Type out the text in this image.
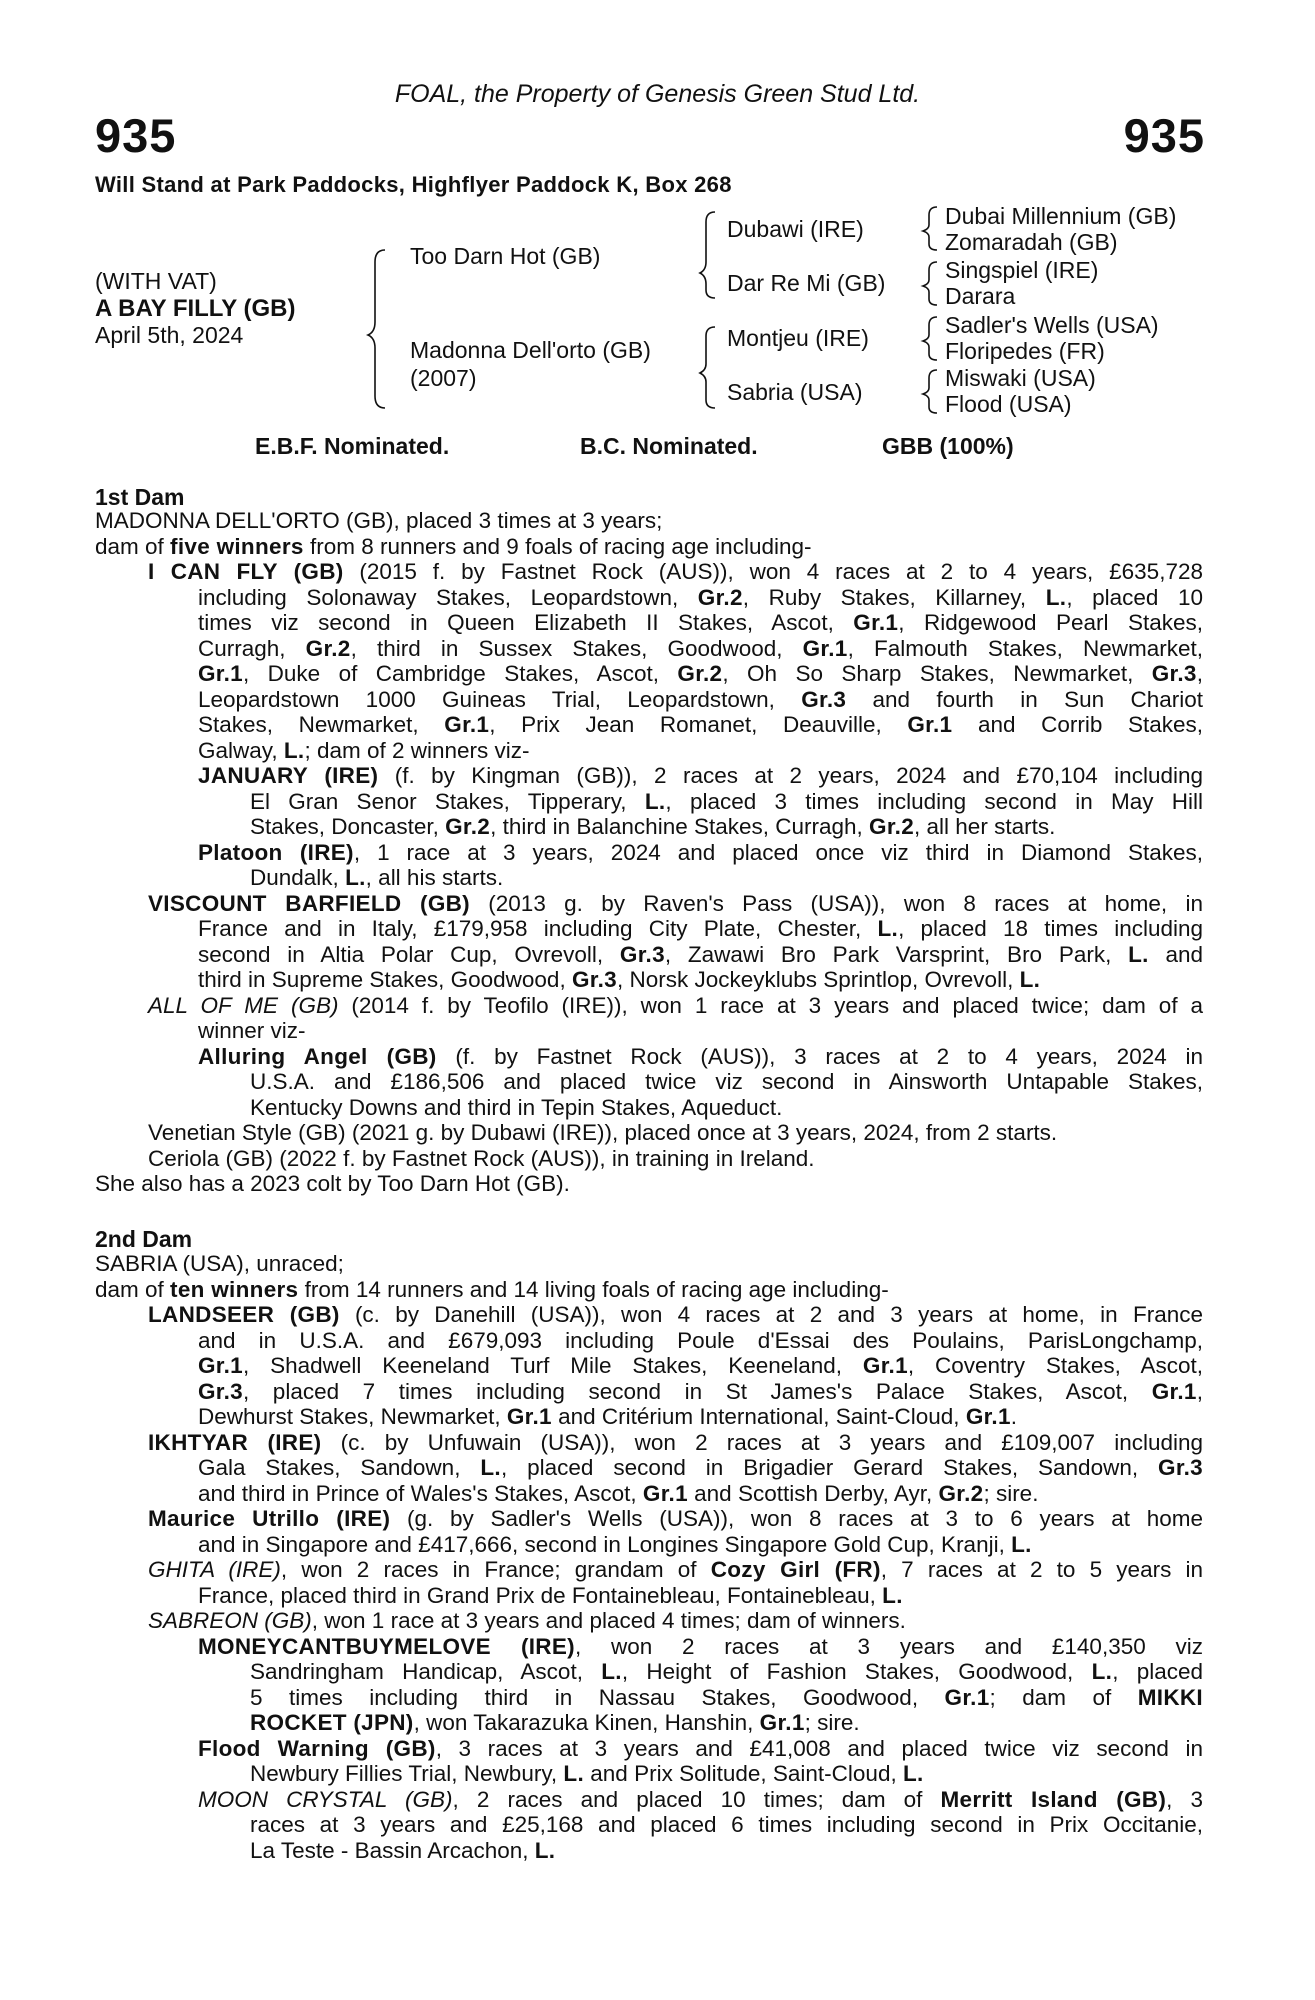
FOAL, the Property of Genesis Green Stud Ltd.
935	935
Will Stand at Park Paddocks, Highflyer Paddock K, Box 268
(WITH VAT)
A BAY FILLY (GB)
April 5th, 2024
Too Darn Hot (GB)
Madonna Dell'orto (GB)
(2007)
Dubawi (IRE)
Dar Re Mi (GB)
Montjeu (IRE)
Sabria (USA)
Dubai Millennium (GB)
Zomaradah (GB)
Singspiel (IRE)
Darara
Sadler's Wells (USA)
Floripedes (FR)
Miswaki (USA)
Flood (USA)
E.B.F. Nominated.	B.C. Nominated.	GBB (100%)
1st Dam
MADONNA DELL'ORTO (GB), placed 3 times at 3 years;
dam of five winners from 8 runners and 9 foals of racing age including-
I CAN FLY (GB) (2015 f. by Fastnet Rock (AUS)), won 4 races at 2 to 4 years, £635,728
including Solonaway Stakes, Leopardstown, Gr.2, Ruby Stakes, Killarney, L., placed 10
times viz second in Queen Elizabeth II Stakes, Ascot, Gr.1, Ridgewood Pearl Stakes,
Curragh, Gr.2, third in Sussex Stakes, Goodwood, Gr.1, Falmouth Stakes, Newmarket,
Gr.1, Duke of Cambridge Stakes, Ascot, Gr.2, Oh So Sharp Stakes, Newmarket, Gr.3,
Leopardstown 1000 Guineas Trial, Leopardstown, Gr.3 and fourth in Sun Chariot
Stakes, Newmarket, Gr.1, Prix Jean Romanet, Deauville, Gr.1 and Corrib Stakes,
Galway, L.; dam of 2 winners viz-
JANUARY (IRE) (f. by Kingman (GB)), 2 races at 2 years, 2024 and £70,104 including
El Gran Senor Stakes, Tipperary, L., placed 3 times including second in May Hill
Stakes, Doncaster, Gr.2, third in Balanchine Stakes, Curragh, Gr.2, all her starts.
Platoon (IRE), 1 race at 3 years, 2024 and placed once viz third in Diamond Stakes,
Dundalk, L., all his starts.
VISCOUNT BARFIELD (GB) (2013 g. by Raven's Pass (USA)), won 8 races at home, in
France and in Italy, £179,958 including City Plate, Chester, L., placed 18 times including
second in Altia Polar Cup, Ovrevoll, Gr.3, Zawawi Bro Park Varsprint, Bro Park, L. and
third in Supreme Stakes, Goodwood, Gr.3, Norsk Jockeyklubs Sprintlop, Ovrevoll, L.
ALL OF ME (GB) (2014 f. by Teofilo (IRE)), won 1 race at 3 years and placed twice; dam of a
winner viz-
Alluring Angel (GB) (f. by Fastnet Rock (AUS)), 3 races at 2 to 4 years, 2024 in
U.S.A. and £186,506 and placed twice viz second in Ainsworth Untapable Stakes,
Kentucky Downs and third in Tepin Stakes, Aqueduct.
Venetian Style (GB) (2021 g. by Dubawi (IRE)), placed once at 3 years, 2024, from 2 starts.
Ceriola (GB) (2022 f. by Fastnet Rock (AUS)), in training in Ireland.
She also has a 2023 colt by Too Darn Hot (GB).
2nd Dam
SABRIA (USA), unraced;
dam of ten winners from 14 runners and 14 living foals of racing age including-
LANDSEER (GB) (c. by Danehill (USA)), won 4 races at 2 and 3 years at home, in France
and in U.S.A. and £679,093 including Poule d'Essai des Poulains, ParisLongchamp,
Gr.1, Shadwell Keeneland Turf Mile Stakes, Keeneland, Gr.1, Coventry Stakes, Ascot,
Gr.3, placed 7 times including second in St James's Palace Stakes, Ascot, Gr.1,
Dewhurst Stakes, Newmarket, Gr.1 and Critérium International, Saint-Cloud, Gr.1.
IKHTYAR (IRE) (c. by Unfuwain (USA)), won 2 races at 3 years and £109,007 including
Gala Stakes, Sandown, L., placed second in Brigadier Gerard Stakes, Sandown, Gr.3
and third in Prince of Wales's Stakes, Ascot, Gr.1 and Scottish Derby, Ayr, Gr.2; sire.
Maurice Utrillo (IRE) (g. by Sadler's Wells (USA)), won 8 races at 3 to 6 years at home
and in Singapore and £417,666, second in Longines Singapore Gold Cup, Kranji, L.
GHITA (IRE), won 2 races in France; grandam of Cozy Girl (FR), 7 races at 2 to 5 years in
France, placed third in Grand Prix de Fontainebleau, Fontainebleau, L.
SABREON (GB), won 1 race at 3 years and placed 4 times; dam of winners.
MONEYCANTBUYMELOVE (IRE), won 2 races at 3 years and £140,350 viz
Sandringham Handicap, Ascot, L., Height of Fashion Stakes, Goodwood, L., placed
5 times including third in Nassau Stakes, Goodwood, Gr.1; dam of MIKKI
ROCKET (JPN), won Takarazuka Kinen, Hanshin, Gr.1; sire.
Flood Warning (GB), 3 races at 3 years and £41,008 and placed twice viz second in
Newbury Fillies Trial, Newbury, L. and Prix Solitude, Saint-Cloud, L.
MOON CRYSTAL (GB), 2 races and placed 10 times; dam of Merritt Island (GB), 3
races at 3 years and £25,168 and placed 6 times including second in Prix Occitanie,
La Teste - Bassin Arcachon, L.
